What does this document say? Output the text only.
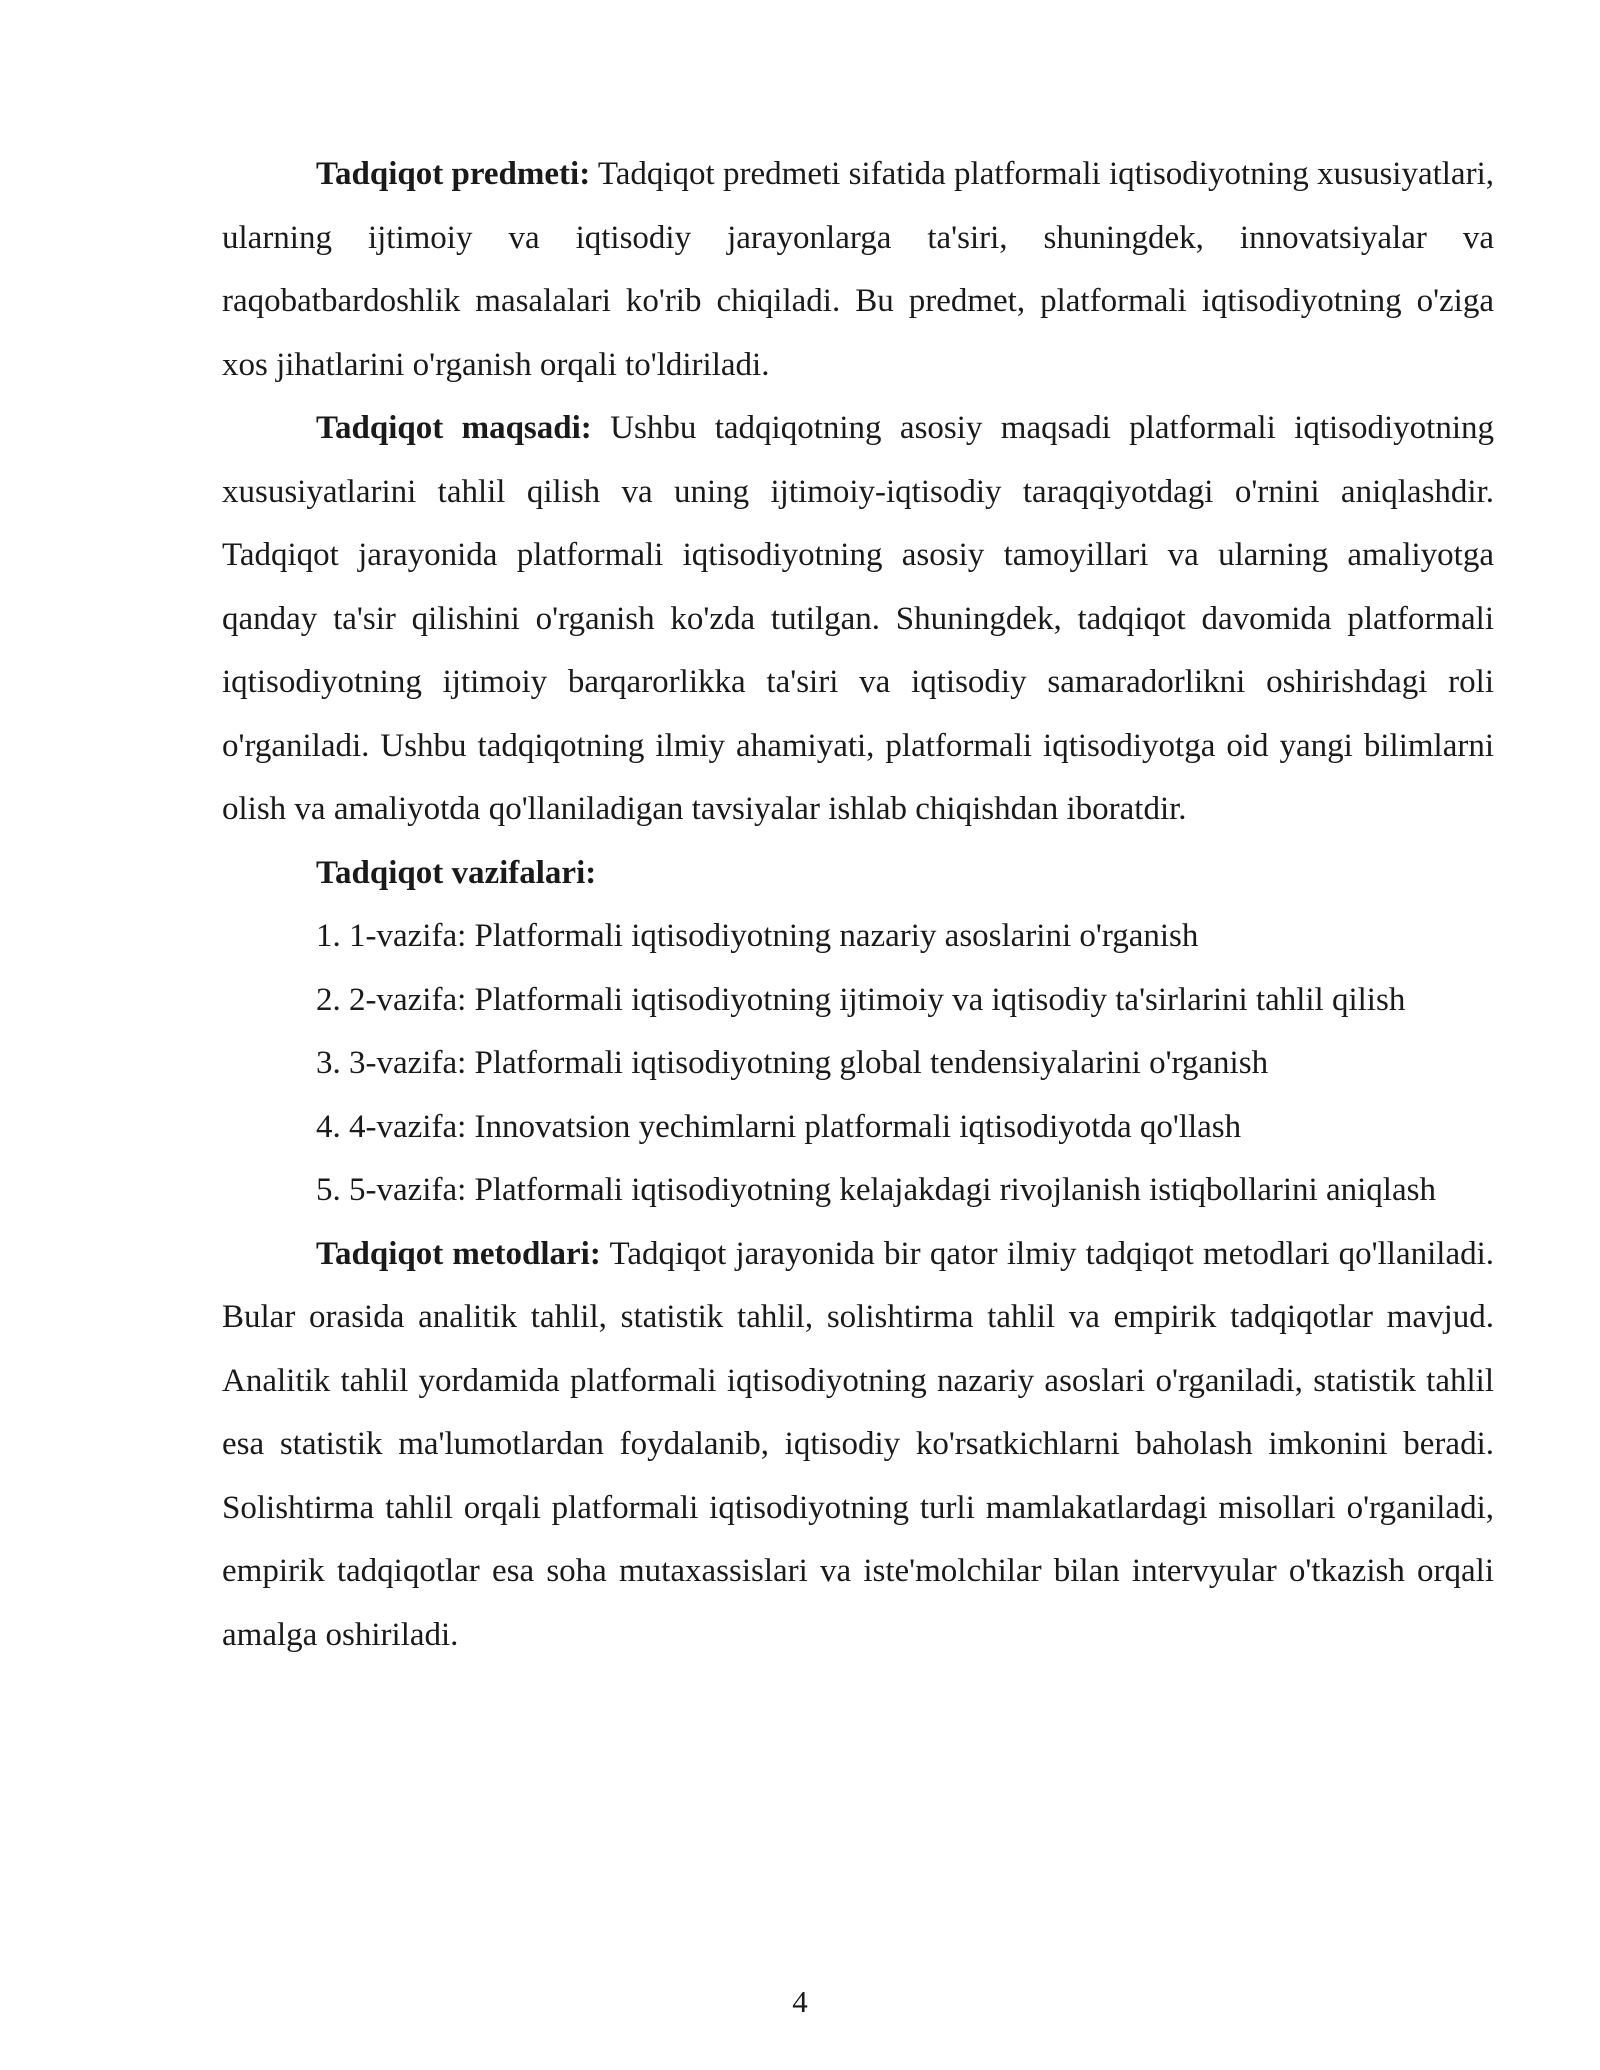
Tadqiqot predmeti: Tadqiqot predmeti sifatida platformali iqtisodiyotning xususiyatlari, ularning ijtimoiy va iqtisodiy jarayonlarga ta'siri, shuningdek, innovatsiyalar va raqobatbardoshlik masalalari ko'rib chiqiladi. Bu predmet, platformali iqtisodiyotning o'ziga xos jihatlarini o'rganish orqali to'ldiriladi.

Tadqiqot maqsadi: Ushbu tadqiqotning asosiy maqsadi platformali iqtisodiyotning xususiyatlarini tahlil qilish va uning ijtimoiy-iqtisodiy taraqqiyotdagi o'rnini aniqlashdir. Tadqiqot jarayonida platformali iqtisodiyotning asosiy tamoyillari va ularning amaliyotga qanday ta'sir qilishini o'rganish ko'zda tutilgan. Shuningdek, tadqiqot davomida platformali iqtisodiyotning ijtimoiy barqarorlikka ta'siri va iqtisodiy samaradorlikni oshirishdagi roli o'rganiladi. Ushbu tadqiqotning ilmiy ahamiyati, platformali iqtisodiyotga oid yangi bilimlarni olish va amaliyotda qo'llaniladigan tavsiyalar ishlab chiqishdan iboratdir.

Tadqiqot vazifalari:

1. 1-vazifa: Platformali iqtisodiyotning nazariy asoslarini o'rganish
2. 2-vazifa: Platformali iqtisodiyotning ijtimoiy va iqtisodiy ta'sirlarini tahlil qilish
3. 3-vazifa: Platformali iqtisodiyotning global tendensiyalarini o'rganish
4. 4-vazifa: Innovatsion yechimlarni platformali iqtisodiyotda qo'llash
5. 5-vazifa: Platformali iqtisodiyotning kelajakdagi rivojlanish istiqbollarini aniqlash

Tadqiqot metodlari: Tadqiqot jarayonida bir qator ilmiy tadqiqot metodlari qo'llaniladi. Bular orasida analitik tahlil, statistik tahlil, solishtirma tahlil va empirik tadqiqotlar mavjud. Analitik tahlil yordamida platformali iqtisodiyotning nazariy asoslari o'rganiladi, statistik tahlil esa statistik ma'lumotlardan foydalanib, iqtisodiy ko'rsatkichlarni baholash imkonini beradi. Solishtirma tahlil orqali platformali iqtisodiyotning turli mamlakatlardagi misollari o'rganiladi, empirik tadqiqotlar esa soha mutaxassislari va iste'molchilar bilan intervyular o'tkazish orqali amalga oshiriladi.

4
